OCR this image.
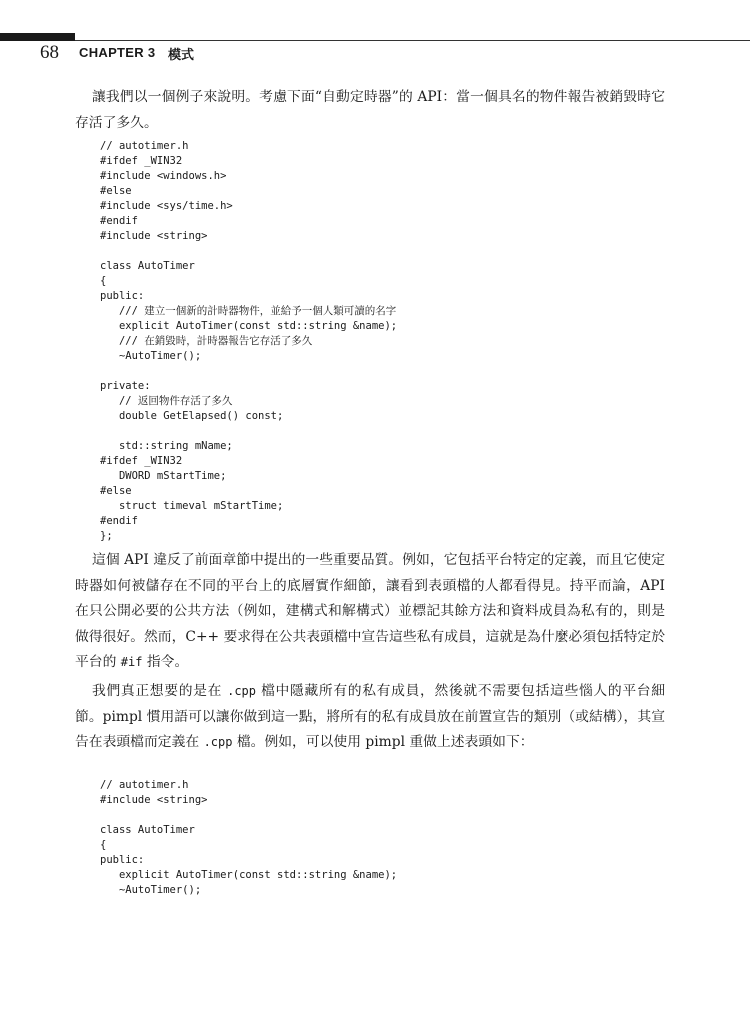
68 CHAPTER 3 模式

讓我們以一個例子來說明。考慮下面“自動定時器”的 API：當一個具名的物件報告被銷毀時它存活了多久。

// autotimer.h
#ifdef _WIN32
#include <windows.h>
#else
#include <sys/time.h>
#endif
#include <string>
class AutoTimer
{
public:
/// 建立一個新的計時器物件，並給予一個人類可讀的名字
explicit AutoTimer(const std::string &name);
/// 在銷毀時，計時器報告它存活了多久
~AutoTimer();
private:
// 返回物件存活了多久
double GetElapsed() const;
std::string mName;
#ifdef _WIN32
DWORD mStartTime;
#else
struct timeval mStartTime;
#endif
};

這個 API 違反了前面章節中提出的一些重要品質。例如，它包括平台特定的定義，而且它使定時器如何被儲存在不同的平台上的底層實作細節，讓看到表頭檔的人都看得見。持平而論，API 在只公開必要的公共方法（例如，建構式和解構式）並標記其餘方法和資料成員為私有的，則是做得很好。然而，C++ 要求得在公共表頭檔中宣告這些私有成員，這就是為什麼必須包括特定於平台的 #if 指令。

我們真正想要的是在 .cpp 檔中隱藏所有的私有成員，然後就不需要包括這些惱人的平台細節。pimpl 慣用語可以讓你做到這一點，將所有的私有成員放在前置宣告的類別（或結構），其宣告在表頭檔而定義在 .cpp 檔。例如，可以使用 pimpl 重做上述表頭如下：

// autotimer.h
#include <string>
class AutoTimer
{
public:
explicit AutoTimer(const std::string &name);
~AutoTimer();
